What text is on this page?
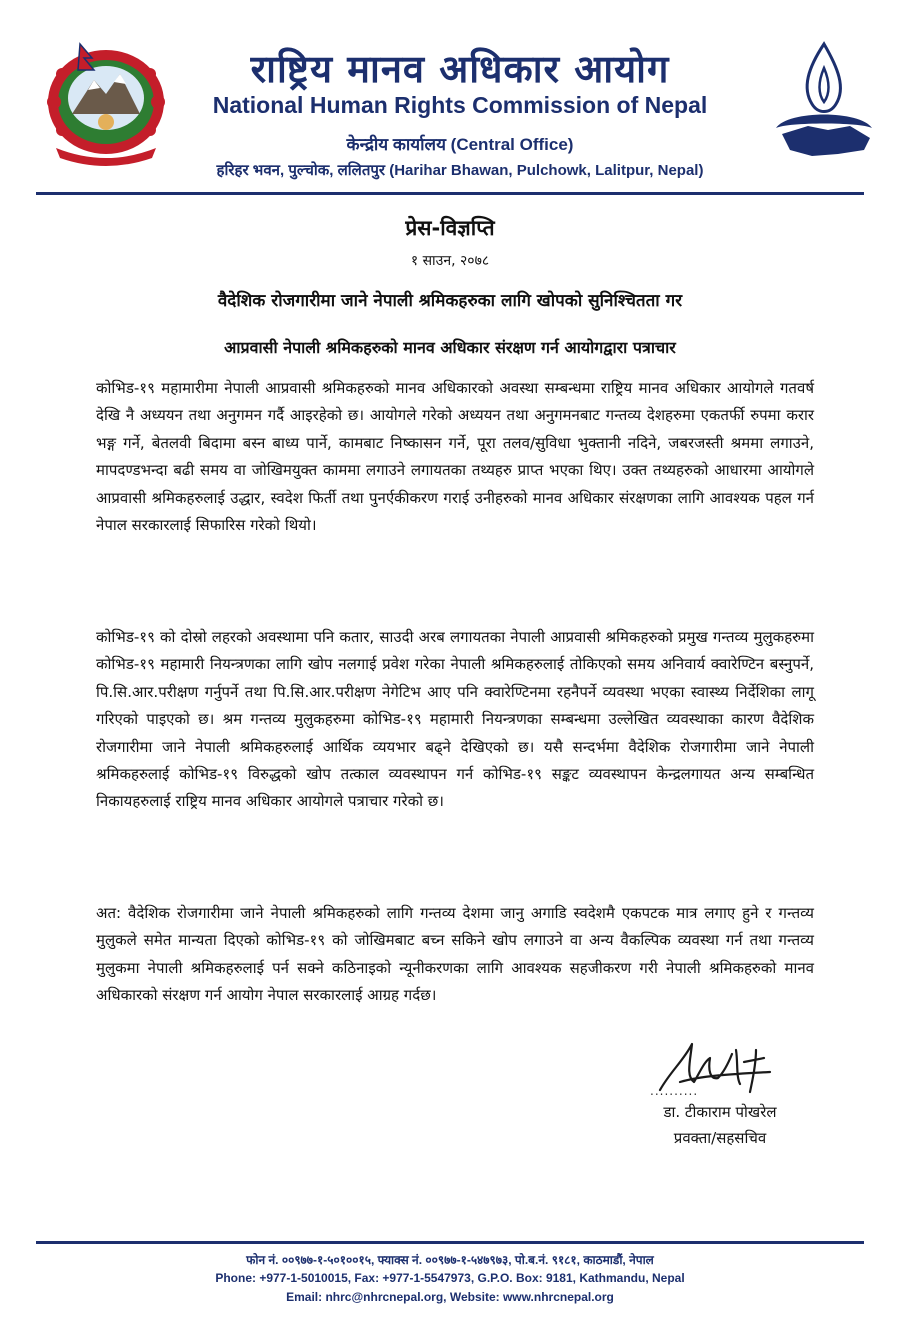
राष्ट्रिय मानव अधिकार आयोग
National Human Rights Commission of Nepal
केन्द्रीय कार्यालय (Central Office)
हरिहर भवन, पुल्चोक, ललितपुर (Harihar Bhawan, Pulchowk, Lalitpur, Nepal)
प्रेस-विज्ञप्ति
१ साउन, २०७८
वैदेशिक रोजगारीमा जाने नेपाली श्रमिकहरुका लागि खोपको सुनिश्चितता गर
आप्रवासी नेपाली श्रमिकहरुको मानव अधिकार संरक्षण गर्न आयोगद्वारा पत्राचार

कोभिड-१९ महामारीमा नेपाली आप्रवासी श्रमिकहरुको मानव अधिकारको अवस्था सम्बन्धमा राष्ट्रिय मानव अधिकार आयोगले गतवर्ष देखि नै अध्ययन तथा अनुगमन गर्दै आइरहेको छ। आयोगले गरेको अध्ययन तथा अनुगमनबाट गन्तव्य देशहरुमा एकतर्फी रुपमा करार भङ्ग गर्ने, बेतलवी बिदामा बस्न बाध्य पार्ने, कामबाट निष्कासन गर्ने, पूरा तलव/सुविधा भुक्तानी नदिने, जबरजस्ती श्रममा लगाउने, मापदण्डभन्दा बढी समय वा जोखिमयुक्त काममा लगाउने लगायतका तथ्यहरु प्राप्त भएका थिए। उक्त तथ्यहरुको आधारमा आयोगले आप्रवासी श्रमिकहरुलाई उद्धार, स्वदेश फिर्ती तथा पुनर्एकीकरण गराई उनीहरुको मानव अधिकार संरक्षणका लागि आवश्यक पहल गर्न नेपाल सरकारलाई सिफारिस गरेको थियो।

कोभिड-१९ को दोस्रो लहरको अवस्थामा पनि कतार, साउदी अरब लगायतका नेपाली आप्रवासी श्रमिकहरुको प्रमुख गन्तव्य मुलुकहरुमा कोभिड-१९ महामारी नियन्त्रणका लागि खोप नलगाई प्रवेश गरेका नेपाली श्रमिकहरुलाई तोकिएको समय अनिवार्य क्वारेण्टिन बस्नुपर्ने, पि.सि.आर.परीक्षण गर्नुपर्ने तथा पि.सि.आर.परीक्षण नेगेटिभ आए पनि क्वारेण्टिनमा रहनैपर्ने व्यवस्था भएका स्वास्थ्य निर्देशिका लागू गरिएको पाइएको छ। श्रम गन्तव्य मुलुकहरुमा कोभिड-१९ महामारी नियन्त्रणका सम्बन्धमा उल्लेखित व्यवस्थाका कारण वैदेशिक रोजगारीमा जाने नेपाली श्रमिकहरुलाई आर्थिक व्ययभार बढ्ने देखिएको छ। यसै सन्दर्भमा वैदेशिक रोजगारीमा जाने नेपाली श्रमिकहरुलाई कोभिड-१९ विरुद्धको खोप तत्काल व्यवस्थापन गर्न कोभिड-१९ सङ्कट व्यवस्थापन केन्द्रलगायत अन्य सम्बन्धित निकायहरुलाई राष्ट्रिय मानव अधिकार आयोगले पत्राचार गरेको छ।

अत: वैदेशिक रोजगारीमा जाने नेपाली श्रमिकहरुको लागि गन्तव्य देशमा जानु अगाडि स्वदेशमै एकपटक मात्र लगाए हुने र गन्तव्य मुलुकले समेत मान्यता दिएको कोभिड-१९ को जोखिमबाट बच्न सकिने खोप लगाउने वा अन्य वैकल्पिक व्यवस्था गर्न तथा गन्तव्य मुलुकमा नेपाली श्रमिकहरुलाई पर्न सक्ने कठिनाइको न्यूनीकरणका लागि आवश्यक सहजीकरण गरी नेपाली श्रमिकहरुको मानव अधिकारको संरक्षण गर्न आयोग नेपाल सरकारलाई आग्रह गर्दछ।

..........
डा. टीकाराम पोखरेल
प्रवक्ता/सहसचिव
फोन नं. ००९७७-१-५०१००१५, फ्याक्स नं. ००९७७-१-५४७९७३, पो.ब.नं. ९१८१, काठमाडौं, नेपाल
Phone: +977-1-5010015, Fax: +977-1-5547973, G.P.O. Box: 9181, Kathmandu, Nepal
Email: nhrc@nhrcnepal.org, Website: www.nhrcnepal.org
